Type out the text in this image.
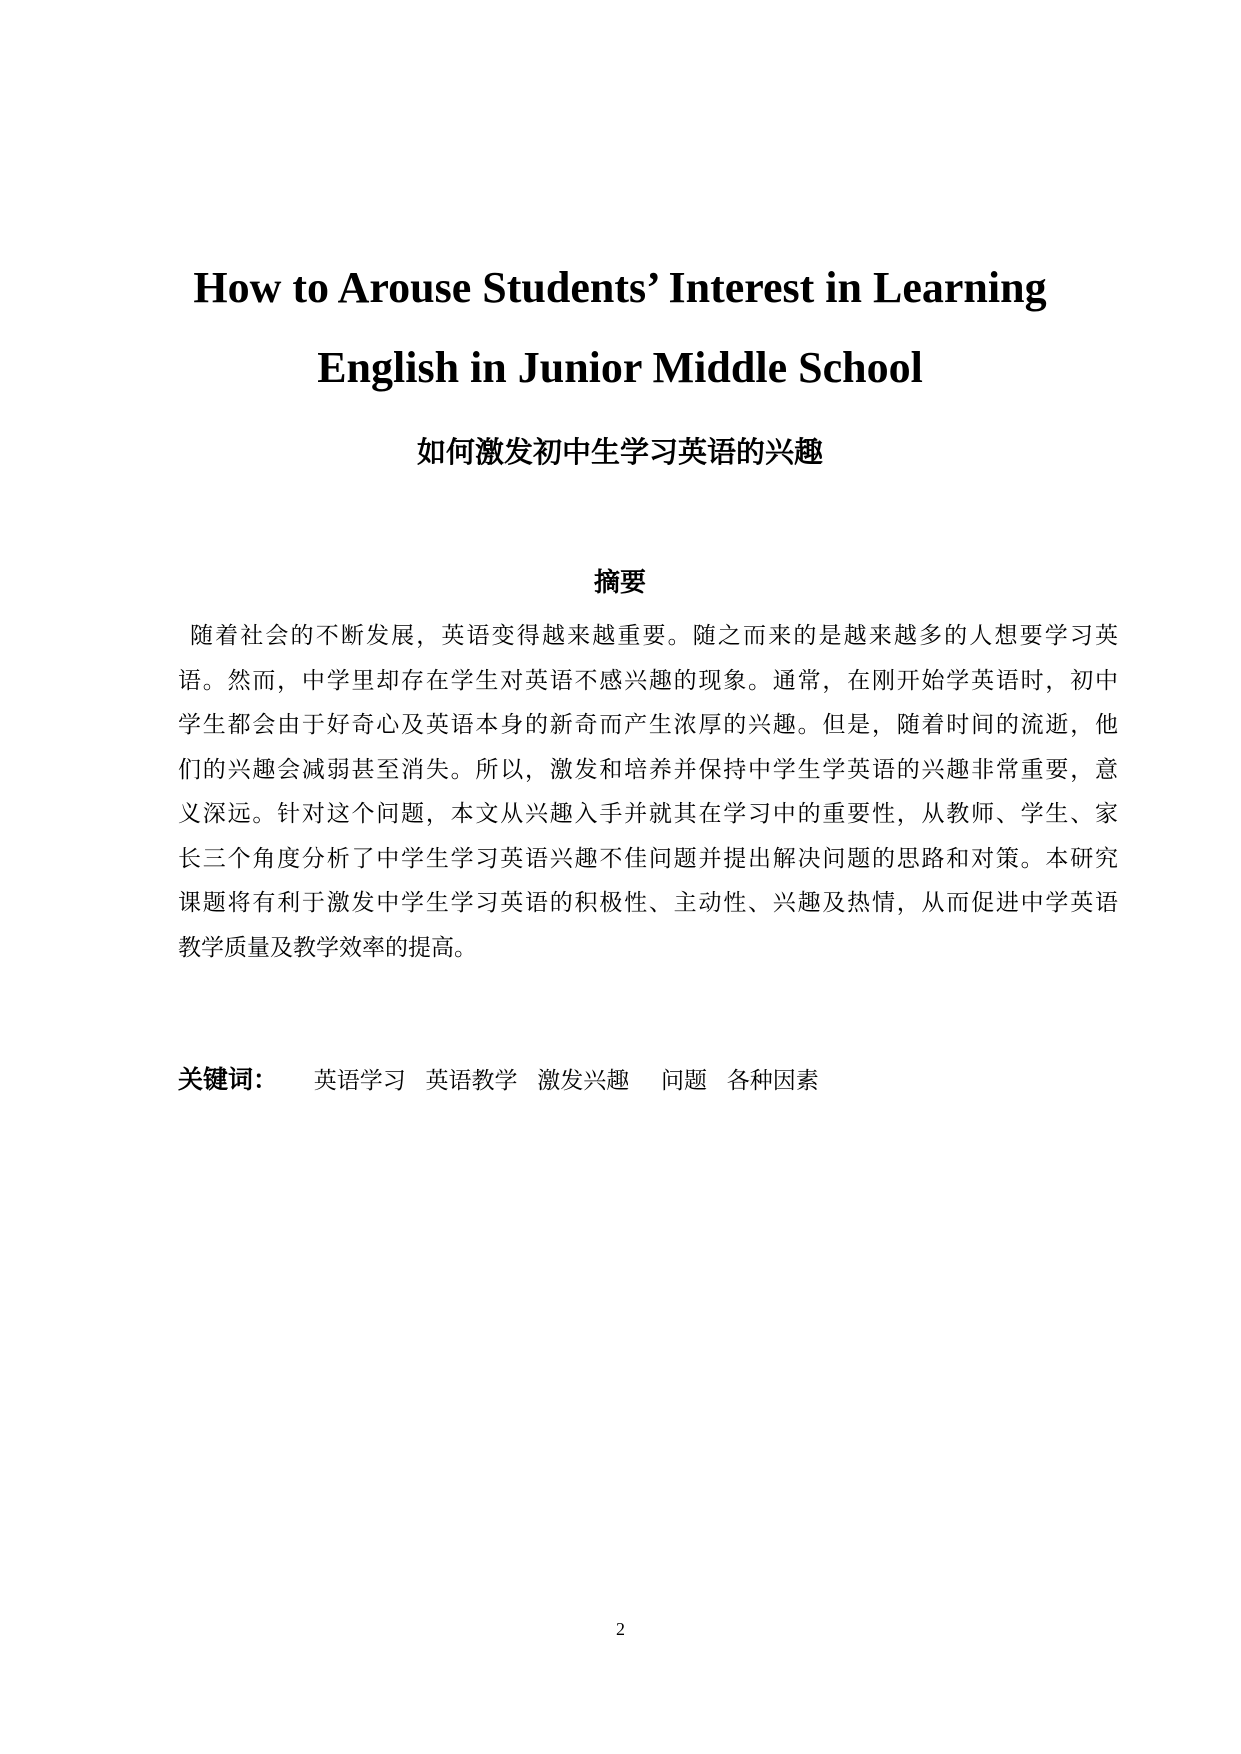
How to Arouse Students’ Interest in Learning
English in Junior Middle School
如何激发初中生学习英语的兴趣
摘要
随着社会的不断发展，英语变得越来越重要。随之而来的是越来越多的人想要学习英
语。然而，中学里却存在学生对英语不感兴趣的现象。通常，在刚开始学英语时，初中
学生都会由于好奇心及英语本身的新奇而产生浓厚的兴趣。但是，随着时间的流逝，他
们的兴趣会减弱甚至消失。所以，激发和培养并保持中学生学英语的兴趣非常重要，意
义深远。针对这个问题，本文从兴趣入手并就其在学习中的重要性，从教师、学生、家
长三个角度分析了中学生学习英语兴趣不佳问题并提出解决问题的思路和对策。本研究
课题将有利于激发中学生学习英语的积极性、主动性、兴趣及热情，从而促进中学英语
教学质量及教学效率的提高。
关键词： 英语学习 英语教学 激发兴趣 问题 各种因素
2
